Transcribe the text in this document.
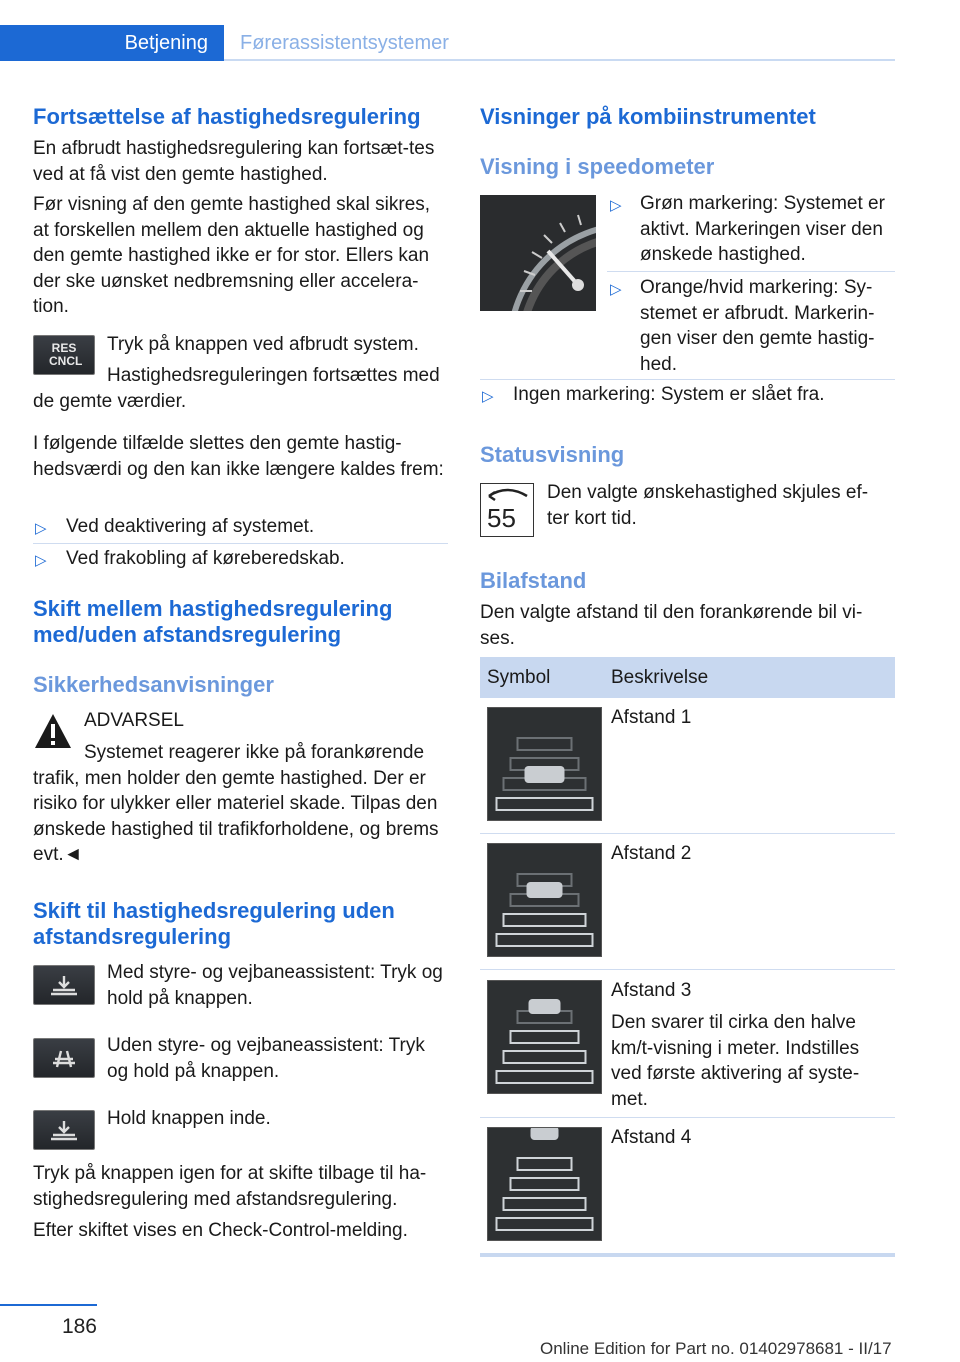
Betjening	Førerassistentsystemer
Fortsættelse af hastighedsregulering
En afbrudt hastighedsregulering kan fortsæt-tes ved at få vist den gemte hastighed.
Før visning af den gemte hastighed skal sikres, at forskellen mellem den aktuelle hastighed og den gemte hastighed ikke er for stor. Ellers kan der ske uønsket nedbremsning eller accelera-tion.
RES CNCL
Tryk på knappen ved afbrudt system.
Hastighedsreguleringen fortsættes med de gemte værdier.
I følgende tilfælde slettes den gemte hastig-hedsværdi og den kan ikke længere kaldes frem:
▷ Ved deaktivering af systemet.
▷ Ved frakobling af køreberedskab.
Skift mellem hastighedsregulering med/uden afstandsregulering
Sikkerhedsanvisninger
ADVARSEL
Systemet reagerer ikke på forankørende trafik, men holder den gemte hastighed. Der er risiko for ulykker eller materiel skade. Tilpas den ønskede hastighed til trafikforholdene, og brems evt.◄
Skift til hastighedsregulering uden afstandsregulering
Med styre- og vejbaneassistent: Tryk og hold på knappen.
Uden styre- og vejbaneassistent: Tryk og hold på knappen.
Hold knappen inde.
Tryk på knappen igen for at skifte tilbage til ha-stighedsregulering med afstandsregulering.
Efter skiftet vises en Check-Control-melding.
Visninger på kombiinstrumentet
Visning i speedometer
▷ Grøn markering: Systemet er aktivt. Markeringen viser den ønskede hastighed.
▷ Orange/hvid markering: Sy-stemet er afbrudt. Markerin-gen viser den gemte hastig-hed.
▷ Ingen markering: System er slået fra.
Statusvisning
55
Den valgte ønskehastighed skjules ef-ter kort tid.
Bilafstand
Den valgte afstand til den forankørende bil vi-ses.
Symbol	Beskrivelse
Afstand 1
Afstand 2
Afstand 3
Den svarer til cirka den halve km/t-visning i meter. Indstilles ved første aktivering af syste-met.
Afstand 4
186
Online Edition for Part no. 01402978681 - II/17
